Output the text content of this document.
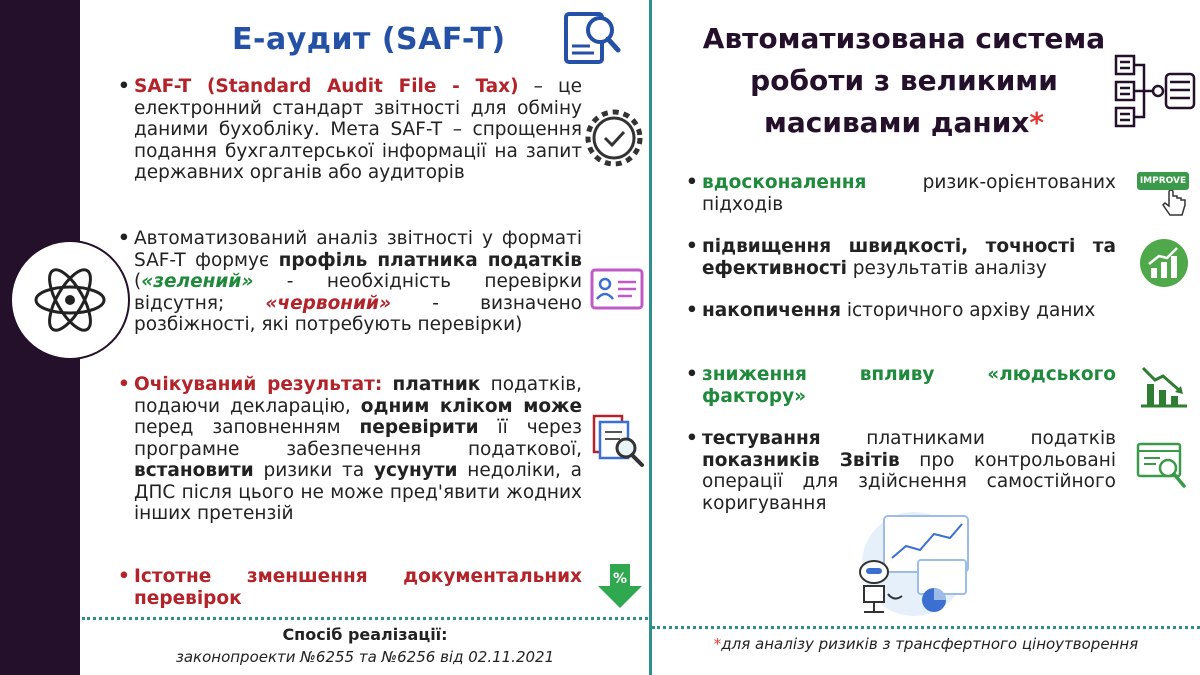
Е-аудит (SAF-T)
• SAF-T (Standard Audit File - Tax) – це електронний стандарт звітності для обміну даними бухобліку. Мета SAF-T – спрощення подання бухгалтерської інформації на запит державних органів або аудиторів
• Автоматизований аналіз звітності у форматі SAF-T формує профіль платника податків («зелений» - необхідність перевірки відсутня; «червоний» - визначено розбіжності, які потребують перевірки)
• Очікуваний результат: платник податків, подаючи декларацію, одним кліком може перед заповненням перевірити її через програмне забезпечення податкової, встановити ризики та усунути недоліки, а ДПС після цього не може пред'явити жодних інших претензій
• Істотне зменшення документальних перевірок
%
Спосіб реалізації:
законопроекти №6255 та №6256 від 02.11.2021
Автоматизована система
роботи з великими
масивами даних*
• вдосконалення ризик-орієнтованих підходів
IMPROVE
• підвищення швидкості, точності та ефективності результатів аналізу
• накопичення історичного архіву даних
• зниження впливу «людського фактору»
• тестування платниками податків показників Звітів про контрольовані операції для здійснення самостійного коригування
*для аналізу ризиків з трансфертного ціноутворення
